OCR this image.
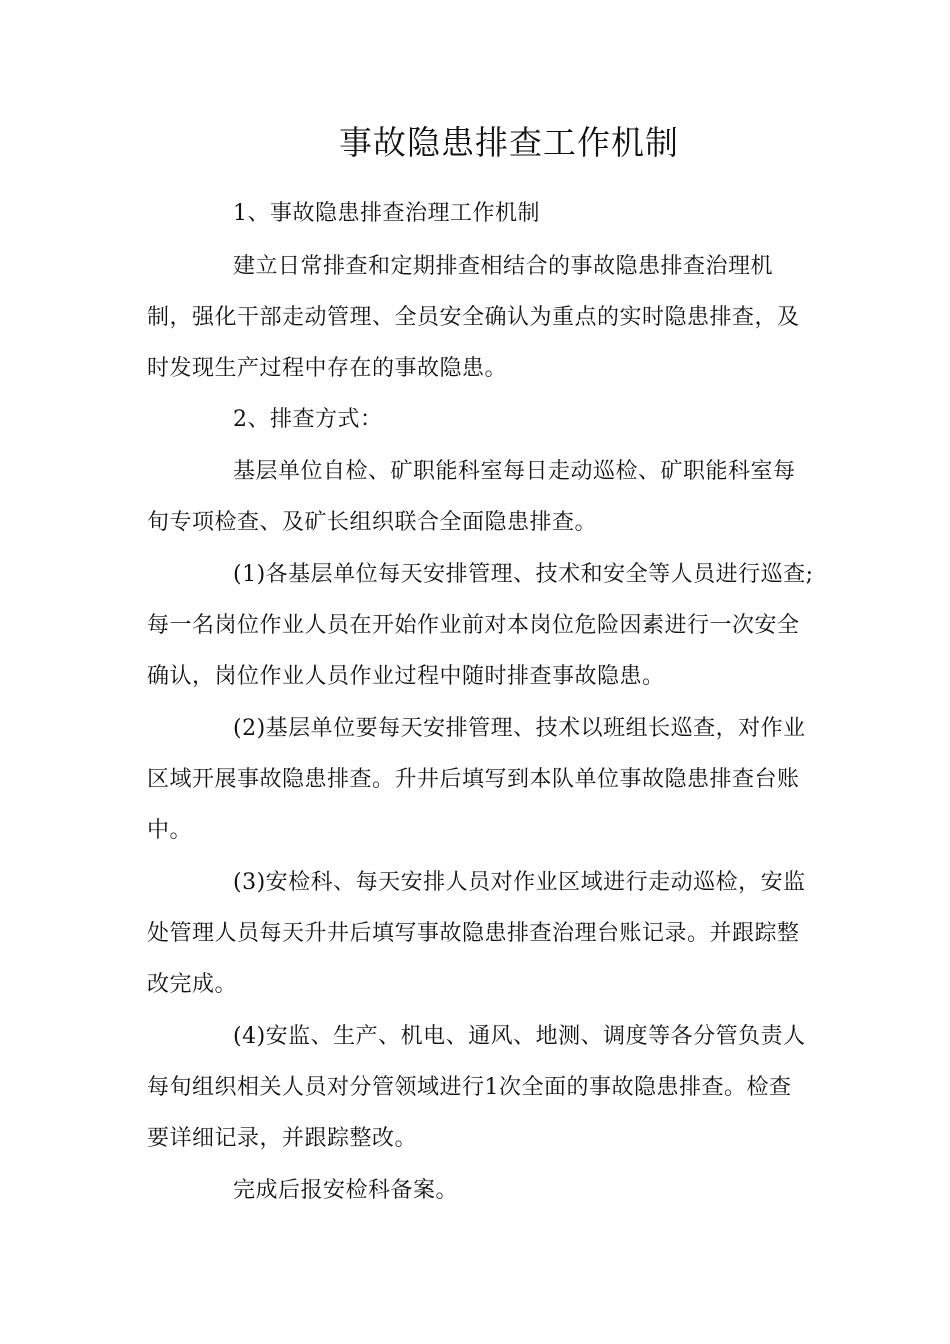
事故隐患排查工作机制
1、事故隐患排查治理工作机制
建立日常排查和定期排查相结合的事故隐患排查治理机
制，强化干部走动管理、全员安全确认为重点的实时隐患排查，及
时发现生产过程中存在的事故隐患。
2、排查方式：
基层单位自检、矿职能科室每日走动巡检、矿职能科室每
旬专项检查、及矿长组织联合全面隐患排查。
(1)各基层单位每天安排管理、技术和安全等人员进行巡查;
每一名岗位作业人员在开始作业前对本岗位危险因素进行一次安全
确认，岗位作业人员作业过程中随时排查事故隐患。
(2)基层单位要每天安排管理、技术以班组长巡查，对作业
区域开展事故隐患排查。升井后填写到本队单位事故隐患排查台账
中。
(3)安检科、每天安排人员对作业区域进行走动巡检，安监
处管理人员每天升井后填写事故隐患排查治理台账记录。并跟踪整
改完成。
(4)安监、生产、机电、通风、地测、调度等各分管负责人
每旬组织相关人员对分管领域进行1次全面的事故隐患排查。检查
要详细记录，并跟踪整改。
完成后报安检科备案。
